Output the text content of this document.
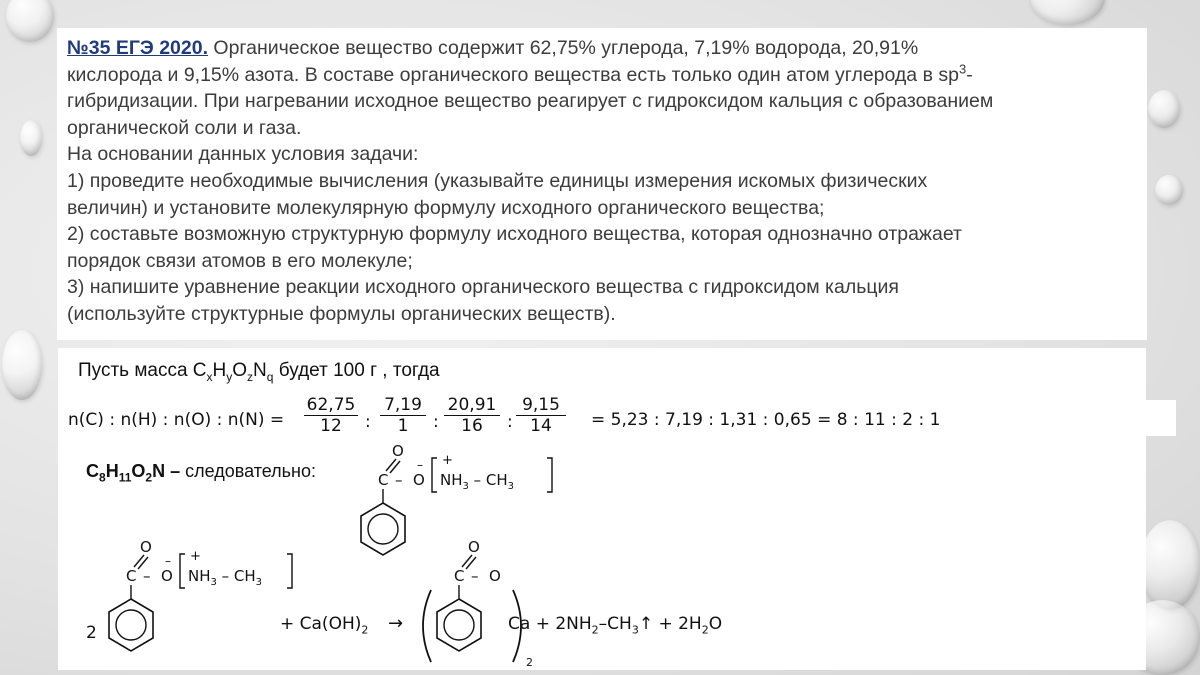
№35 ЕГЭ 2020. Органическое вещество содержит 62,75% углерода, 7,19% водорода, 20,91%
кислорода и 9,15% азота. В составе органического вещества есть только один атом углерода в $sp^3-$
гибридизации. При нагревании исходное вещество реагирует с гидроксидом кальция с образованием
органической соли и газа.
На основании данных условия задачи:
1) проведите необходимые вычисления (указывайте единицы измерения искомых физических
величин) и установите молекулярную формулу исходного органического вещества;
2) составьте возможную структурную формулу исходного вещества, которая однозначно отражает
порядок связи атомов в его молекуле;
3) напишите уравнение реакции исходного органического вещества с гидроксидом кальция
(используйте структурные формулы органических веществ).

Пусть масса $C_xH_yO_zN_q$ будет 100 г , тогда
n(C) : n(H) : n(O) : $n(N) = \frac{62,75}{12}$ : $\frac{7,19}{1}$ : $\frac{20,91}{16}$ : $\frac{9,15}{14} = 5,23$ : 7,19 : 1,31 : 0,65 = 8 : 11 : 2 : 1
$C_8H_{11}O_2N$ – следовательно:
O
C – O
– +
$NH_3 - CH_3$
O
C – O
– +
$NH_3 - CH_3$
2	+ $Ca(OH)_2$ →
O
C – O
2
$Ca + 2NH_2-CH_3↑ + 2H_2O$
